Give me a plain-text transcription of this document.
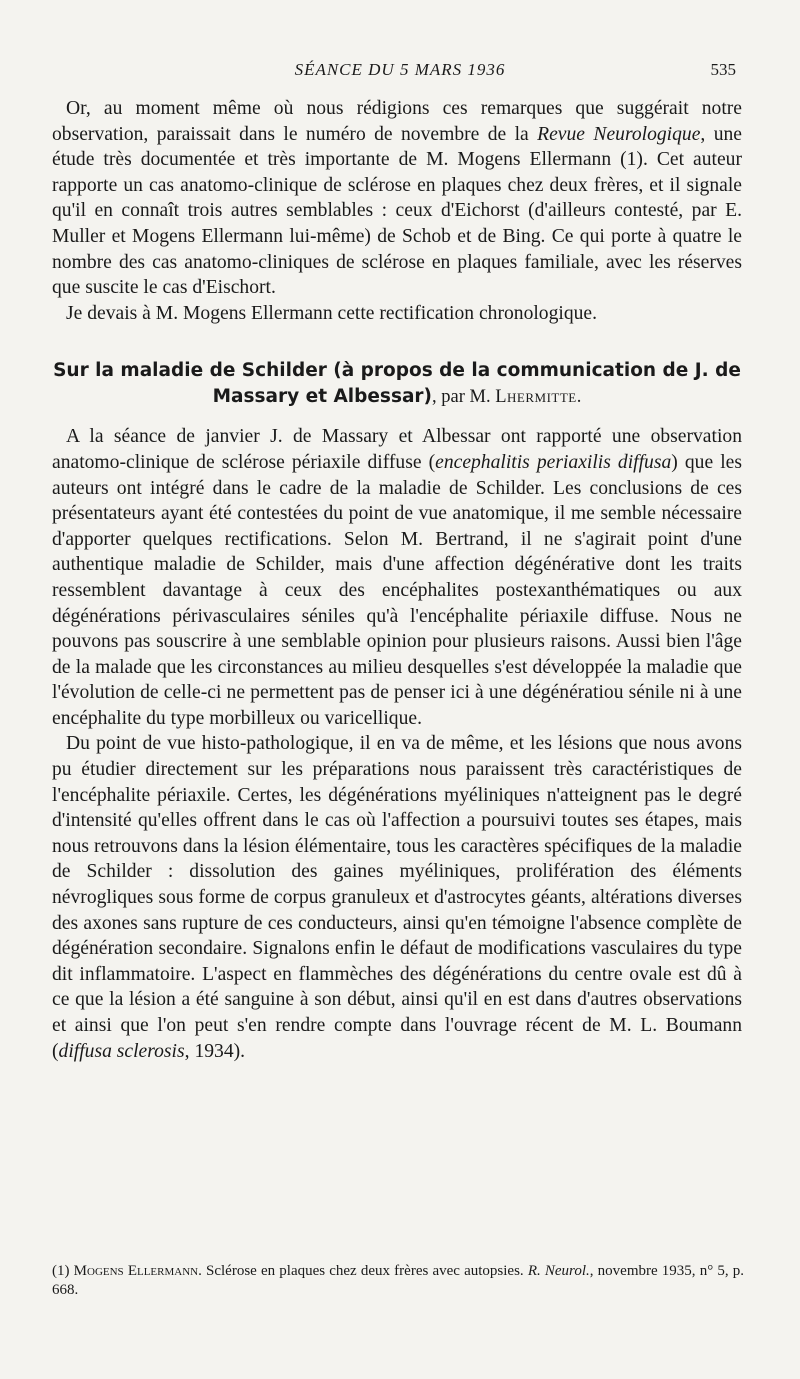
SÉANCE DU 5 MARS 1936	535

Or, au moment même où nous rédigions ces remarques que suggérait notre observation, paraissait dans le numéro de novembre de la Revue Neurologique, une étude très documentée et très importante de M. Mogens Ellermann (1). Cet auteur rapporte un cas anatomo-clinique de sclérose en plaques chez deux frères, et il signale qu'il en connaît trois autres semblables : ceux d'Eichorst (d'ailleurs contesté, par E. Muller et Mogens Ellermann lui-même) de Schob et de Bing. Ce qui porte à quatre le nombre des cas anatomo-cliniques de sclérose en plaques familiale, avec les réserves que suscite le cas d'Eischort.

Je devais à M. Mogens Ellermann cette rectification chronologique.

Sur la maladie de Schilder (à propos de la communication de J. de Massary et Albessar), par M. Lhermitte.

A la séance de janvier J. de Massary et Albessar ont rapporté une observation anatomo-clinique de sclérose périaxile diffuse (encephalitis periaxilis diffusa) que les auteurs ont intégré dans le cadre de la maladie de Schilder. Les conclusions de ces présentateurs ayant été contestées du point de vue anatomique, il me semble nécessaire d'apporter quelques rectifications. Selon M. Bertrand, il ne s'agirait point d'une authentique maladie de Schilder, mais d'une affection dégénérative dont les traits ressemblent davantage à ceux des encéphalites postexanthématiques ou aux dégénérations périvasculaires séniles qu'à l'encéphalite périaxile diffuse. Nous ne pouvons pas souscrire à une semblable opinion pour plusieurs raisons. Aussi bien l'âge de la malade que les circonstances au milieu desquelles s'est développée la maladie que l'évolution de celle-ci ne permettent pas de penser ici à une dégénératiou sénile ni à une encéphalite du type morbilleux ou varicellique.

Du point de vue histo-pathologique, il en va de même, et les lésions que nous avons pu étudier directement sur les préparations nous paraissent très caractéristiques de l'encéphalite périaxile. Certes, les dégénérations myéliniques n'atteignent pas le degré d'intensité qu'elles offrent dans le cas où l'affection a poursuivi toutes ses étapes, mais nous retrouvons dans la lésion élémentaire, tous les caractères spécifiques de la maladie de Schilder : dissolution des gaines myéliniques, prolifération des éléments névrogliques sous forme de corpus granuleux et d'astrocytes géants, altérations diverses des axones sans rupture de ces conducteurs, ainsi qu'en témoigne l'absence complète de dégénération secondaire. Signalons enfin le défaut de modifications vasculaires du type dit inflammatoire. L'aspect en flammèches des dégénérations du centre ovale est dû à ce que la lésion a été sanguine à son début, ainsi qu'il en est dans d'autres observations et ainsi que l'on peut s'en rendre compte dans l'ouvrage récent de M. L. Boumann (diffusa sclerosis, 1934).

(1) Mogens Ellermann. Sclérose en plaques chez deux frères avec autopsies. R. Neurol., novembre 1935, n° 5, p. 668.
